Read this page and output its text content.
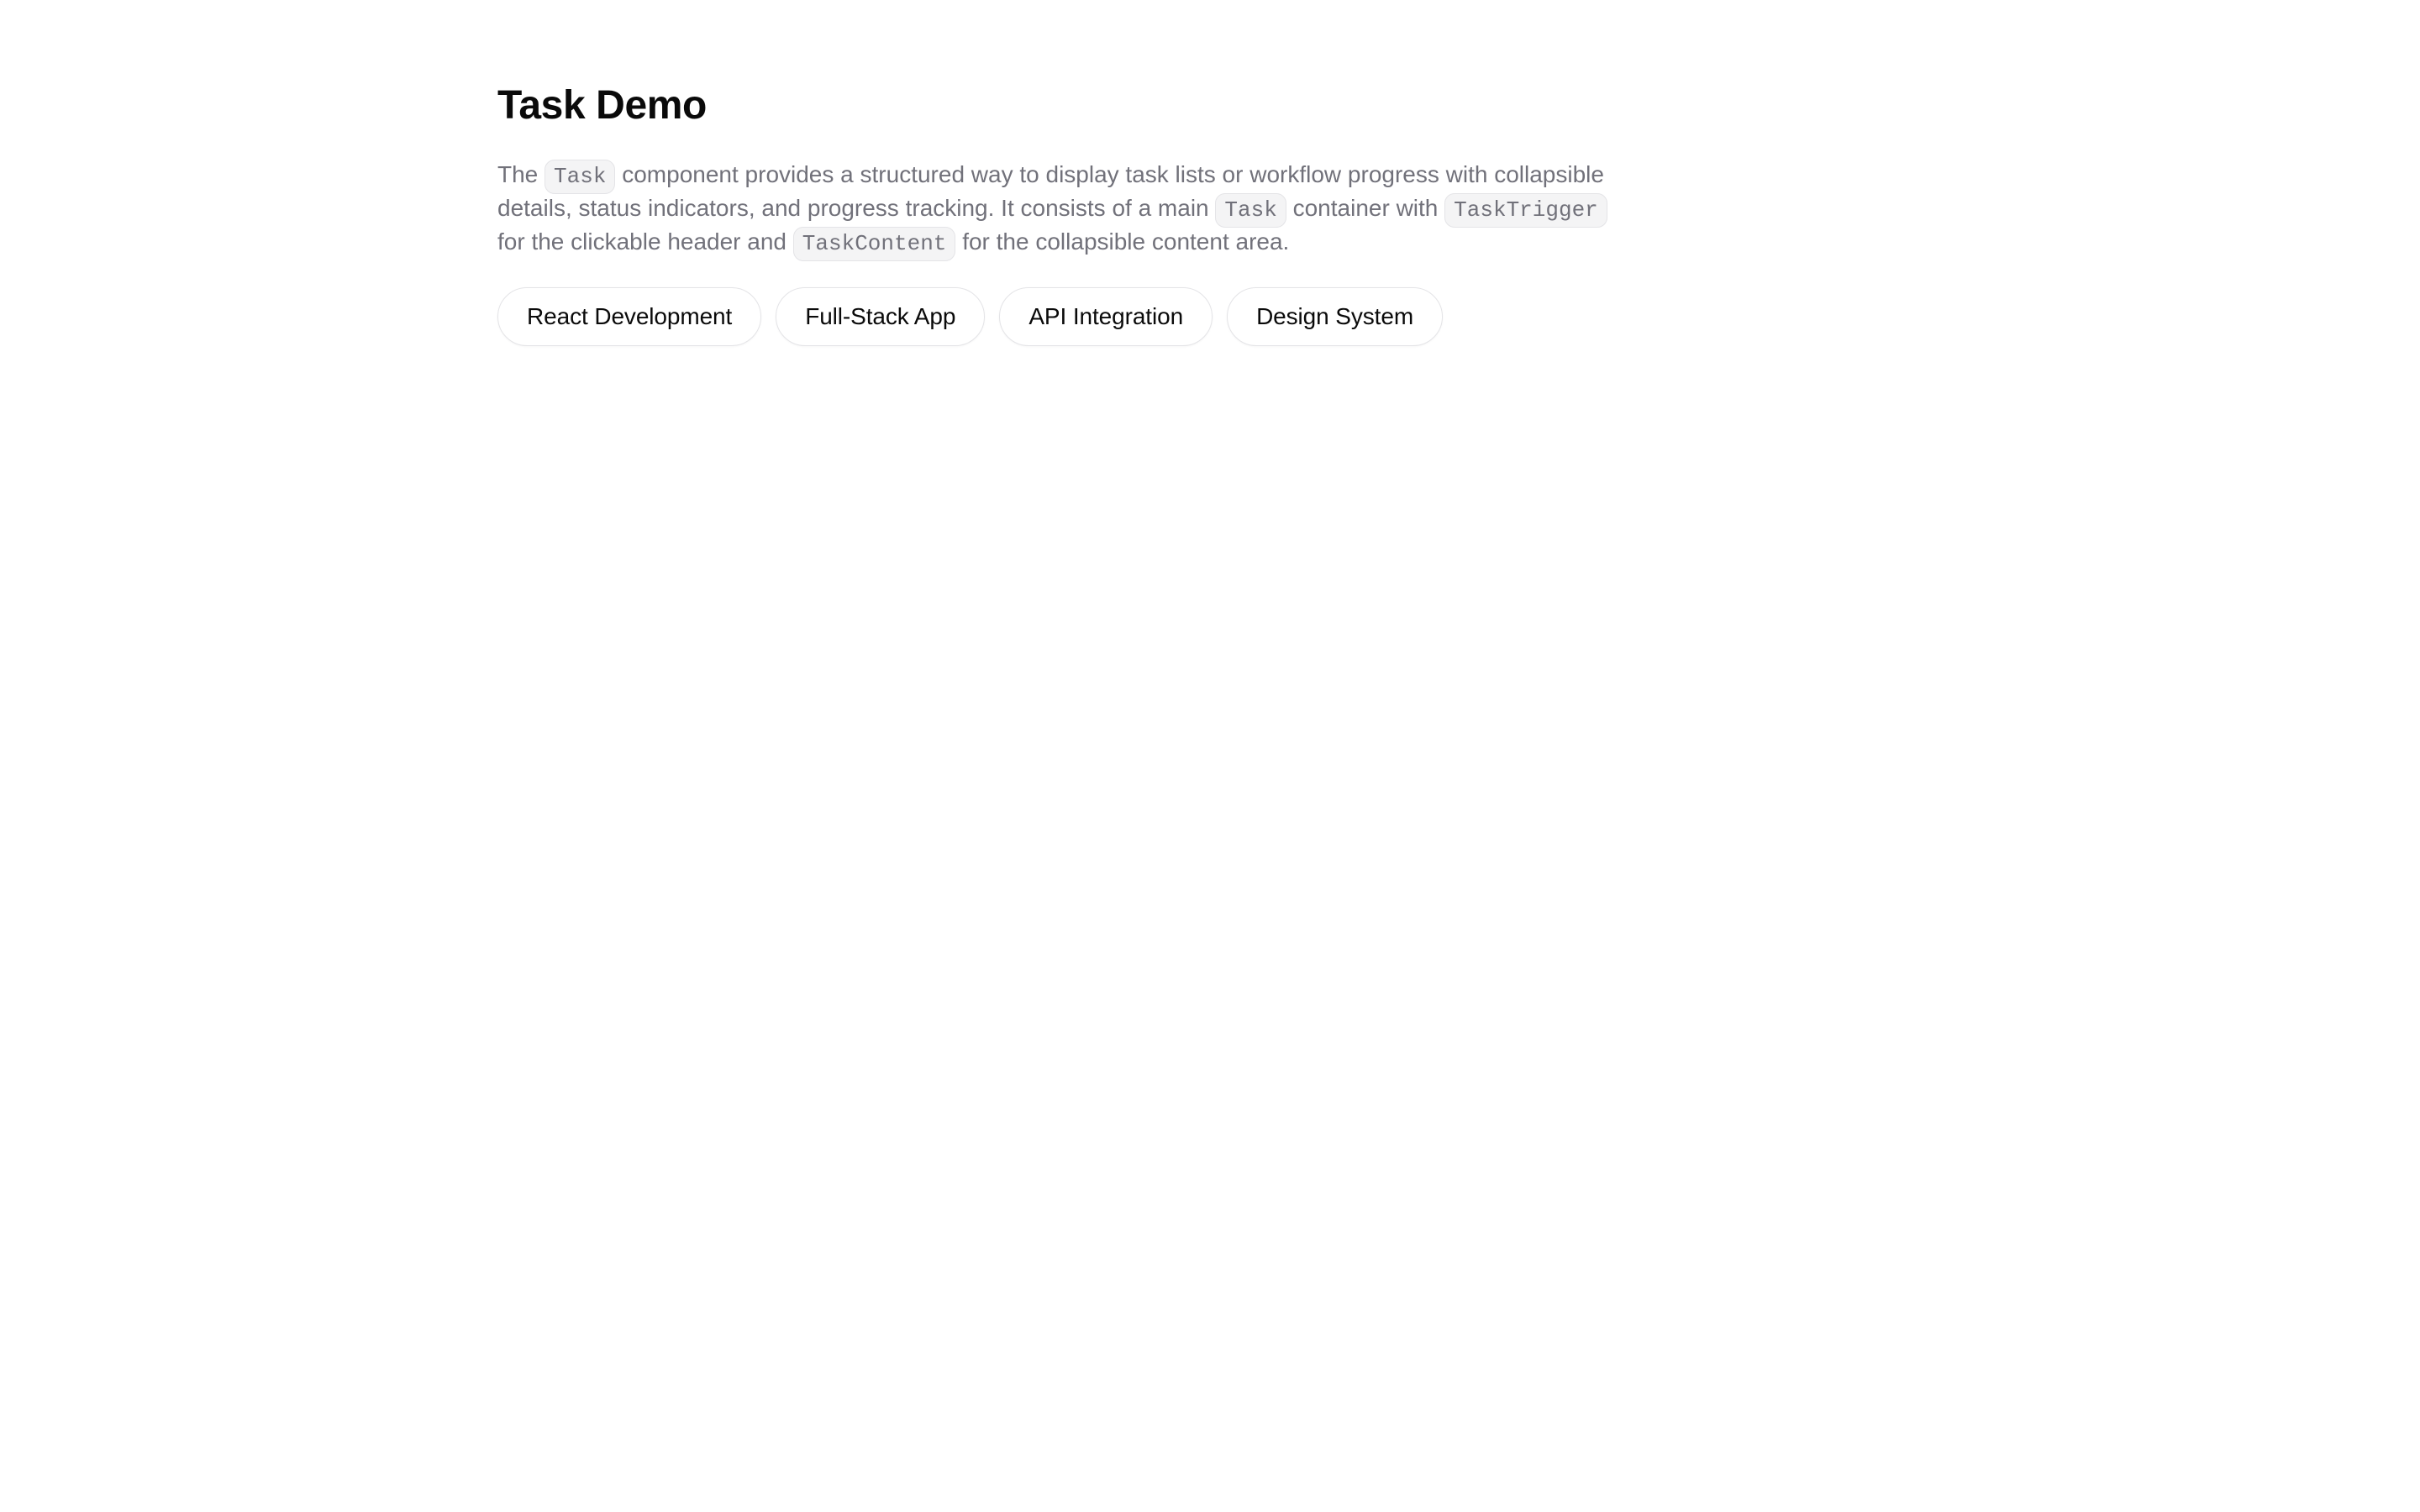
Task Demo

The Task component provides a structured way to display task lists or workflow progress with collapsible details, status indicators, and progress tracking. It consists of a main Task container with TaskTrigger for the clickable header and TaskContent for the collapsible content area.

React Development	Full-Stack App	API Integration	Design System
